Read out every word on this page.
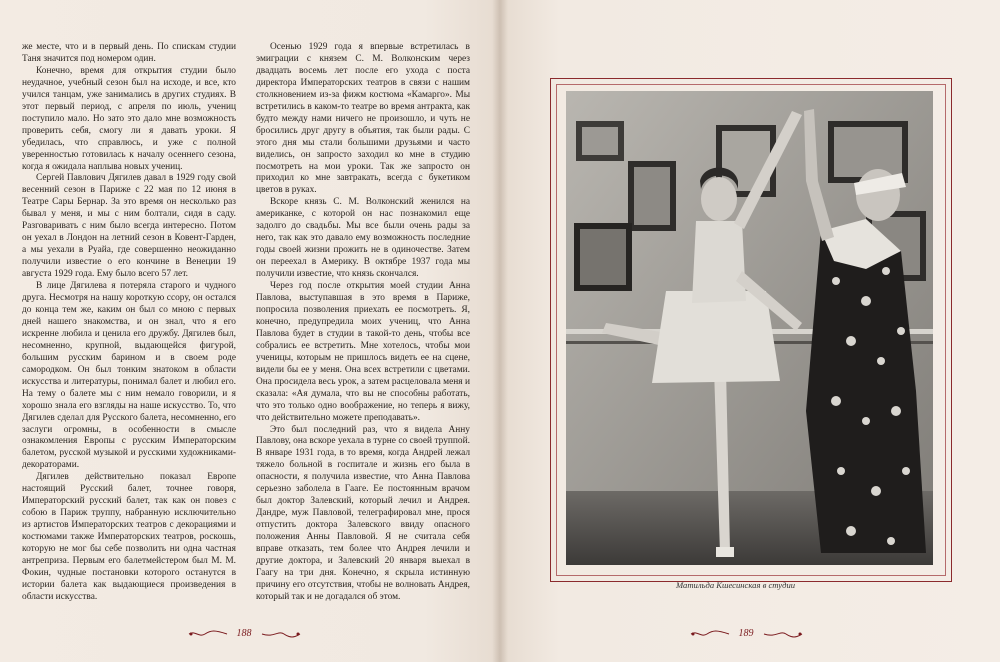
же месте, что и в первый день. По спискам студии Таня значится под номером один.

Конечно, время для открытия студии было неудачное, учебный сезон был на исходе, и все, кто учился танцам, уже занимались в других студиях. В этот первый период, с апреля по июль, учениц поступило мало. Но зато это дало мне возможность проверить себя, смогу ли я давать уроки. Я убедилась, что справлюсь, и уже с полной уверенностью готовилась к началу осеннего сезона, когда я ожидала наплыва новых учениц.

Сергей Павлович Дягилев давал в 1929 году свой весенний сезон в Париже с 22 мая по 12 июня в Театре Сары Бернар. За это время он несколько раз бывал у меня, и мы с ним болтали, сидя в саду. Разговаривать с ним было всегда интересно. Потом он уехал в Лондон на летний сезон в Ковент-Гарден, а мы уехали в Руайа, где совершенно неожиданно получили известие о его кончине в Венеции 19 августа 1929 года. Ему было всего 57 лет.

В лице Дягилева я потеряла старого и чудного друга. Несмотря на нашу короткую ссору, он остался до конца тем же, каким он был со мною с первых дней нашего знакомства, и он знал, что я его искренне любила и ценила его дружбу. Дягилев был, несомненно, крупной, выдающейся фигурой, большим русским барином и в своем роде самородком. Он был тонким знатоком в области искусства и литературы, понимал балет и любил его. На тему о балете мы с ним немало говорили, и я хорошо знала его взгляды на наше искусство. То, что Дягилев сделал для Русского балета, несомненно, его заслуги огромны, в особенности в смысле ознакомления Европы с русским Императорским балетом, русской музыкой и русскими художниками-декораторами.

Дягилев действительно показал Европе настоящий Русский балет, точнее говоря, Императорский русский балет, так как он повез с собою в Париж труппу, набранную исключительно из артистов Императорских театров с декорациями и костюмами также Императорских театров, роскошь, которую не мог бы себе позволить ни одна частная антреприза. Первым его балетмейстером был М. М. Фокин, чудные постановки которого останутся в истории балета как выдающиеся произведения в области искусства.

Осенью 1929 года я впервые встретилась в эмиграции с князем С. М. Волконским через двадцать восемь лет после его ухода с поста директора Императорских театров в связи с нашим столкновением из-за фижм костюма «Камарго». Мы встретились в каком-то театре во время антракта, как будто между нами ничего не произошло, и чуть не бросились друг другу в объятия, так были рады. С этого дня мы стали большими друзьями и часто виделись, он запросто заходил ко мне в студию посмотреть на мои уроки. Так же запросто он приходил ко мне завтракать, всегда с букетиком цветов в руках.

Вскоре князь С. М. Волконский женился на американке, с которой он нас познакомил еще задолго до свадьбы. Мы все были очень рады за него, так как это давало ему возможность последние годы своей жизни прожить не в одиночестве. Затем он переехал в Америку. В октябре 1937 года мы получили известие, что князь скончался.

Через год после открытия моей студии Анна Павлова, выступавшая в это время в Париже, попросила позволения приехать ее посмотреть. Я, конечно, предупредила моих учениц, что Анна Павлова будет в студии в такой-то день, чтобы все собрались ее встретить. Мне хотелось, чтобы мои ученицы, которым не пришлось видеть ее на сцене, видели бы ее у меня. Она всех встретили с цветами. Она просидела весь урок, а затем расцеловала меня и сказала: «Ая думала, что вы не способны работать, что это только одно воображение, но теперь я вижу, что действительно можете преподавать».

Это был последний раз, что я видела Анну Павлову, она вскоре уехала в турне со своей труппой. В январе 1931 года, в то время, когда Андрей лежал тяжело больной в госпитале и жизнь его была в опасности, я получила известие, что Анна Павлова серьезно заболела в Гааге. Ее постоянным врачом был доктор Залевский, который лечил и Андрея. Дандре, муж Павловой, телеграфировал мне, прося отпустить доктора Залевского ввиду опасного положения Анны Павловой. Я не считала себя вправе отказать, тем более что Андрея лечили и другие доктора, и Залевский 20 января выехал в Гаагу на три дня. Конечно, я скрыла истинную причину его отсутствия, чтобы не волновать Андрея, который так и не догадался об этом.

188
Матильда Кшесинская в студии
189
